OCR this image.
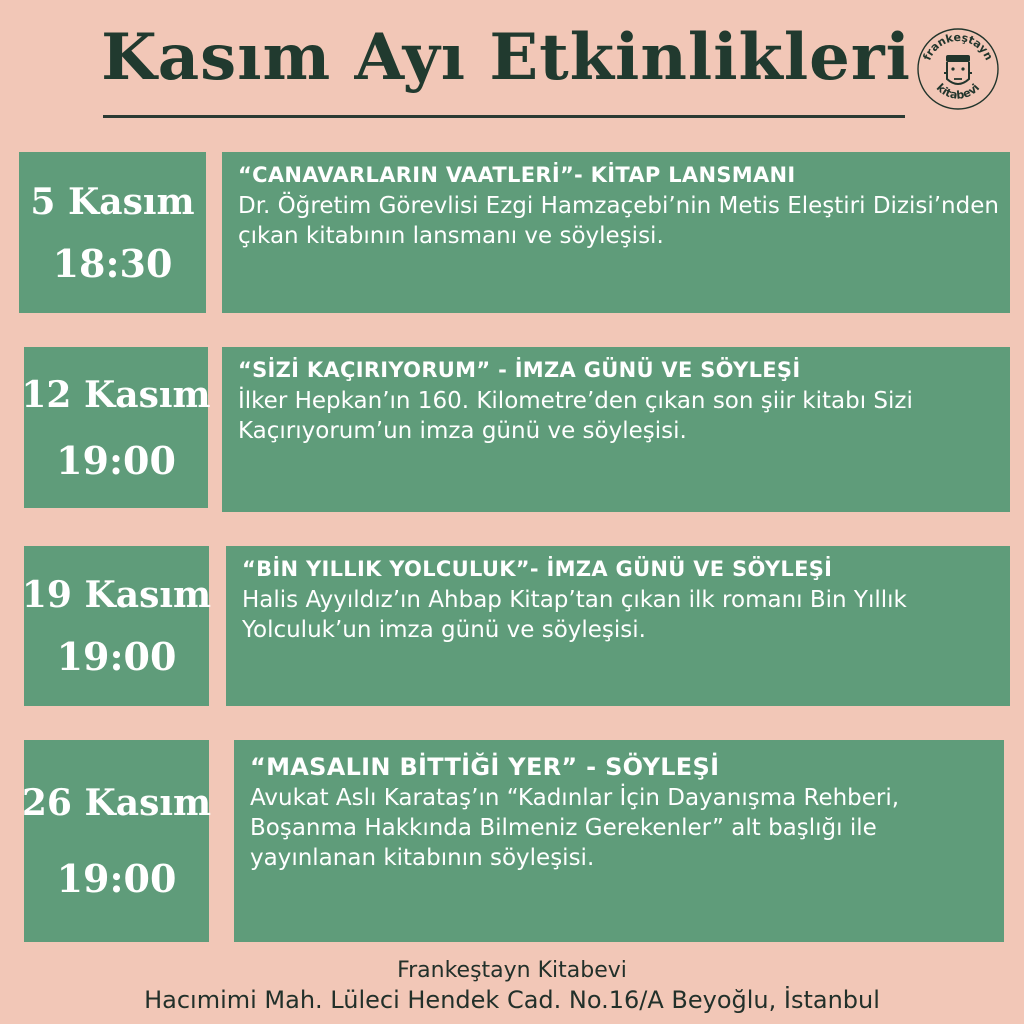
Kasım Ayı Etkinlikleri frankeştayn
kitabevi
5 Kasım
18:30
“CANAVARLARIN VAATLERİ”- KİTAP LANSMANI
Dr. Öğretim Görevlisi Ezgi Hamzaçebi’nin Metis Eleştiri Dizisi’nden çıkan kitabının lansmanı ve söyleşisi.
12 Kasım
19:00
“SİZİ KAÇIRIYORUM” - İMZA GÜNÜ VE SÖYLEŞİ
İlker Hepkan’ın 160. Kilometre’den çıkan son şiir kitabı Sizi Kaçırıyorum’un imza günü ve söyleşisi.
19 Kasım
19:00
“BİN YILLIK YOLCULUK”- İMZA GÜNÜ VE SÖYLEŞİ
Halis Ayyıldız’ın Ahbap Kitap’tan çıkan ilk romanı Bin Yıllık Yolculuk’un imza günü ve söyleşisi.
26 Kasım
19:00
“MASALIN BİTTİĞİ YER” - SÖYLEŞİ
Avukat Aslı Karataş’ın “Kadınlar İçin Dayanışma Rehberi, Boşanma Hakkında Bilmeniz Gerekenler” alt başlığı ile yayınlanan kitabının söyleşisi.
Frankeştayn Kitabevi
Hacımimi Mah. Lüleci Hendek Cad. No.16/A Beyoğlu, İstanbul
